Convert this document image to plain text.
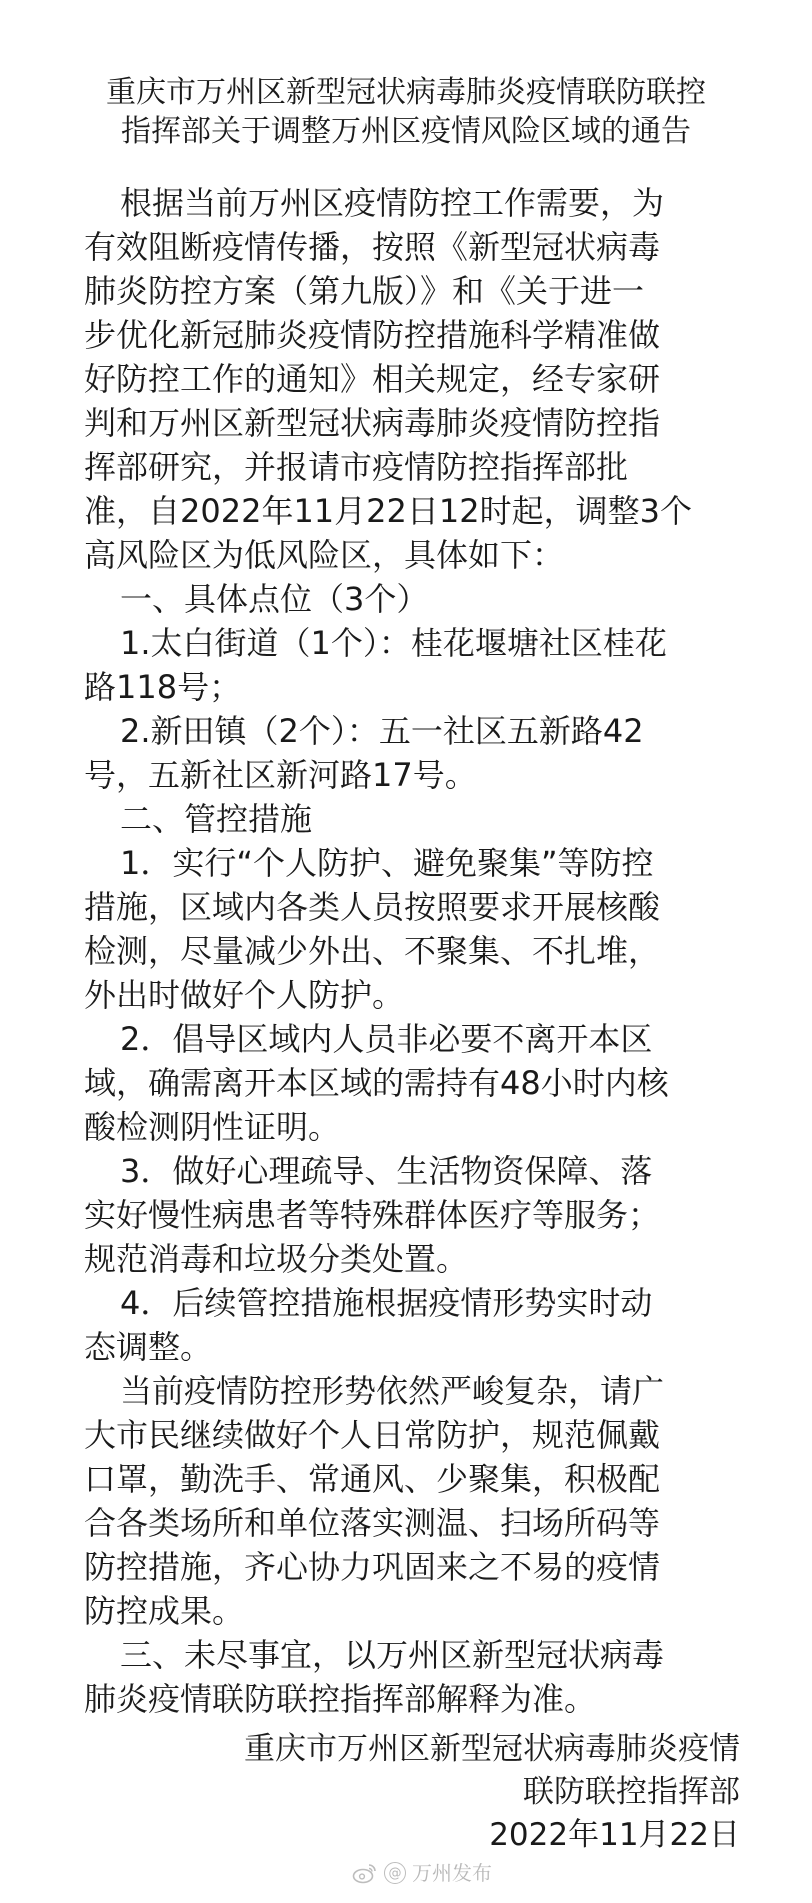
重庆市万州区新型冠状病毒肺炎疫情联防联控
指挥部关于调整万州区疫情风险区域的通告
根据当前万州区疫情防控工作需要，为
有效阻断疫情传播，按照《新型冠状病毒
肺炎防控方案（第九版）》和《关于进一
步优化新冠肺炎疫情防控措施科学精准做
好防控工作的通知》相关规定，经专家研
判和万州区新型冠状病毒肺炎疫情防控指
挥部研究，并报请市疫情防控指挥部批
准，自2022年11月22日12时起，调整3个
高风险区为低风险区，具体如下：
一、具体点位（3个）
1.太白街道（1个）：桂花堰塘社区桂花
路118号；
2.新田镇（2个）：五一社区五新路42
号，五新社区新河路17号。
二、管控措施
1．实行“个人防护、避免聚集”等防控
措施，区域内各类人员按照要求开展核酸
检测，尽量减少外出、不聚集、不扎堆，
外出时做好个人防护。
2．倡导区域内人员非必要不离开本区
域，确需离开本区域的需持有48小时内核
酸检测阴性证明。
3．做好心理疏导、生活物资保障、落
实好慢性病患者等特殊群体医疗等服务；
规范消毒和垃圾分类处置。
4．后续管控措施根据疫情形势实时动
态调整。
当前疫情防控形势依然严峻复杂，请广
大市民继续做好个人日常防护，规范佩戴
口罩，勤洗手、常通风、少聚集，积极配
合各类场所和单位落实测温、扫场所码等
防控措施，齐心协力巩固来之不易的疫情
防控成果。
三、未尽事宜，以万州区新型冠状病毒
肺炎疫情联防联控指挥部解释为准。
重庆市万州区新型冠状病毒肺炎疫情
联防联控指挥部
2022年11月22日
@ 万州发布
